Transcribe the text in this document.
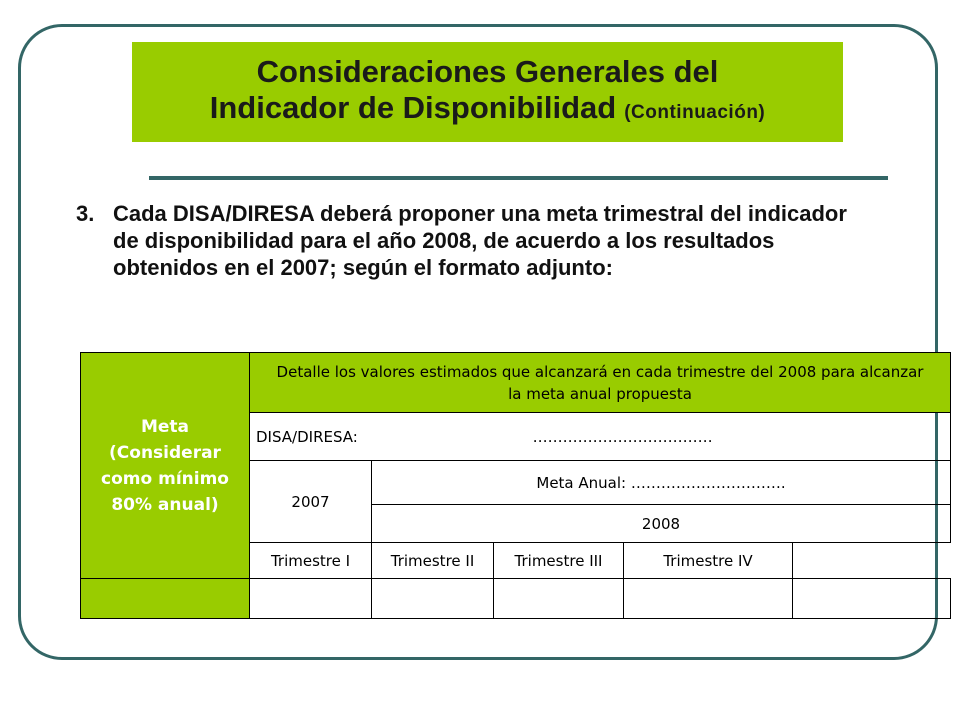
Consideraciones Generales del
Indicador de Disponibilidad (Continuación)
3. Cada DISA/DIRESA deberá proponer una meta trimestral del indicador de disponibilidad para el año 2008, de acuerdo a los resultados obtenidos en el 2007; según el formato adjunto:
Meta (Considerar como mínimo 80% anual)	Detalle los valores estimados que alcanzará en cada trimestre del 2008 para alcanzar la meta anual propuesta				
	DISA/DIRESA: ………………………………				
	2007	Meta Anual: ………………………….			
		2008			
	Trimestre I	Trimestre II	Trimestre III	Trimestre IV	
